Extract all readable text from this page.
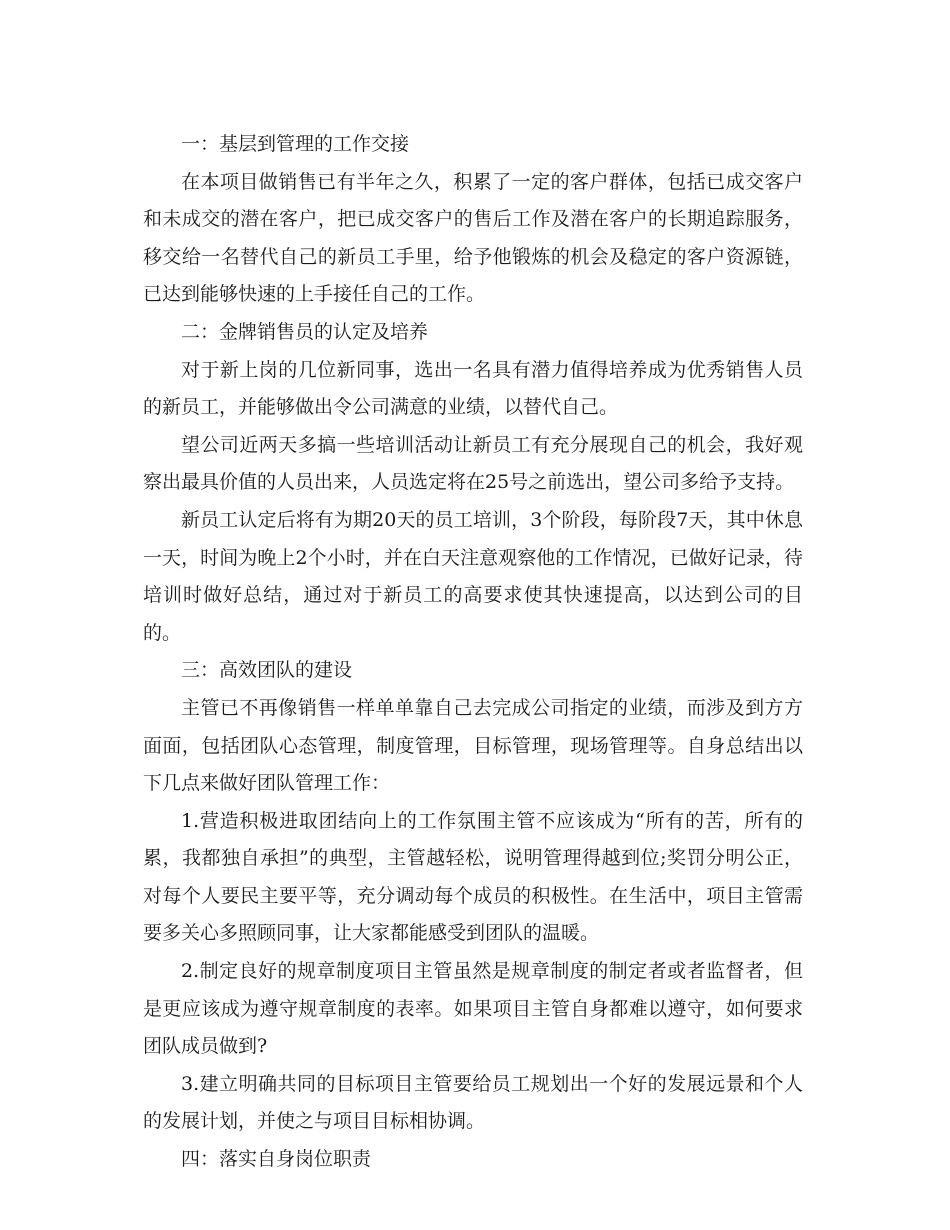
一：基层到管理的工作交接

在本项目做销售已有半年之久，积累了一定的客户群体，包括已成交客户和未成交的潜在客户，把已成交客户的售后工作及潜在客户的长期追踪服务，移交给一名替代自己的新员工手里，给予他锻炼的机会及稳定的客户资源链，已达到能够快速的上手接任自己的工作。

二：金牌销售员的认定及培养

对于新上岗的几位新同事，选出一名具有潜力值得培养成为优秀销售人员的新员工，并能够做出令公司满意的业绩，以替代自己。

望公司近两天多搞一些培训活动让新员工有充分展现自己的机会，我好观察出最具价值的人员出来，人员选定将在25号之前选出，望公司多给予支持。

新员工认定后将有为期20天的员工培训，3个阶段，每阶段7天，其中休息一天，时间为晚上2个小时，并在白天注意观察他的工作情况，已做好记录，待培训时做好总结，通过对于新员工的高要求使其快速提高，以达到公司的目的。

三：高效团队的建设

主管已不再像销售一样单单靠自己去完成公司指定的业绩，而涉及到方方面面，包括团队心态管理，制度管理，目标管理，现场管理等。自身总结出以下几点来做好团队管理工作：

1.营造积极进取团结向上的工作氛围主管不应该成为“所有的苦，所有的累，我都独自承担”的典型，主管越轻松，说明管理得越到位;奖罚分明公正，对每个人要民主要平等，充分调动每个成员的积极性。在生活中，项目主管需要多关心多照顾同事，让大家都能感受到团队的温暖。

2.制定良好的规章制度项目主管虽然是规章制度的制定者或者监督者，但是更应该成为遵守规章制度的表率。如果项目主管自身都难以遵守，如何要求团队成员做到?

3.建立明确共同的目标项目主管要给员工规划出一个好的发展远景和个人的发展计划，并使之与项目目标相协调。

四：落实自身岗位职责
